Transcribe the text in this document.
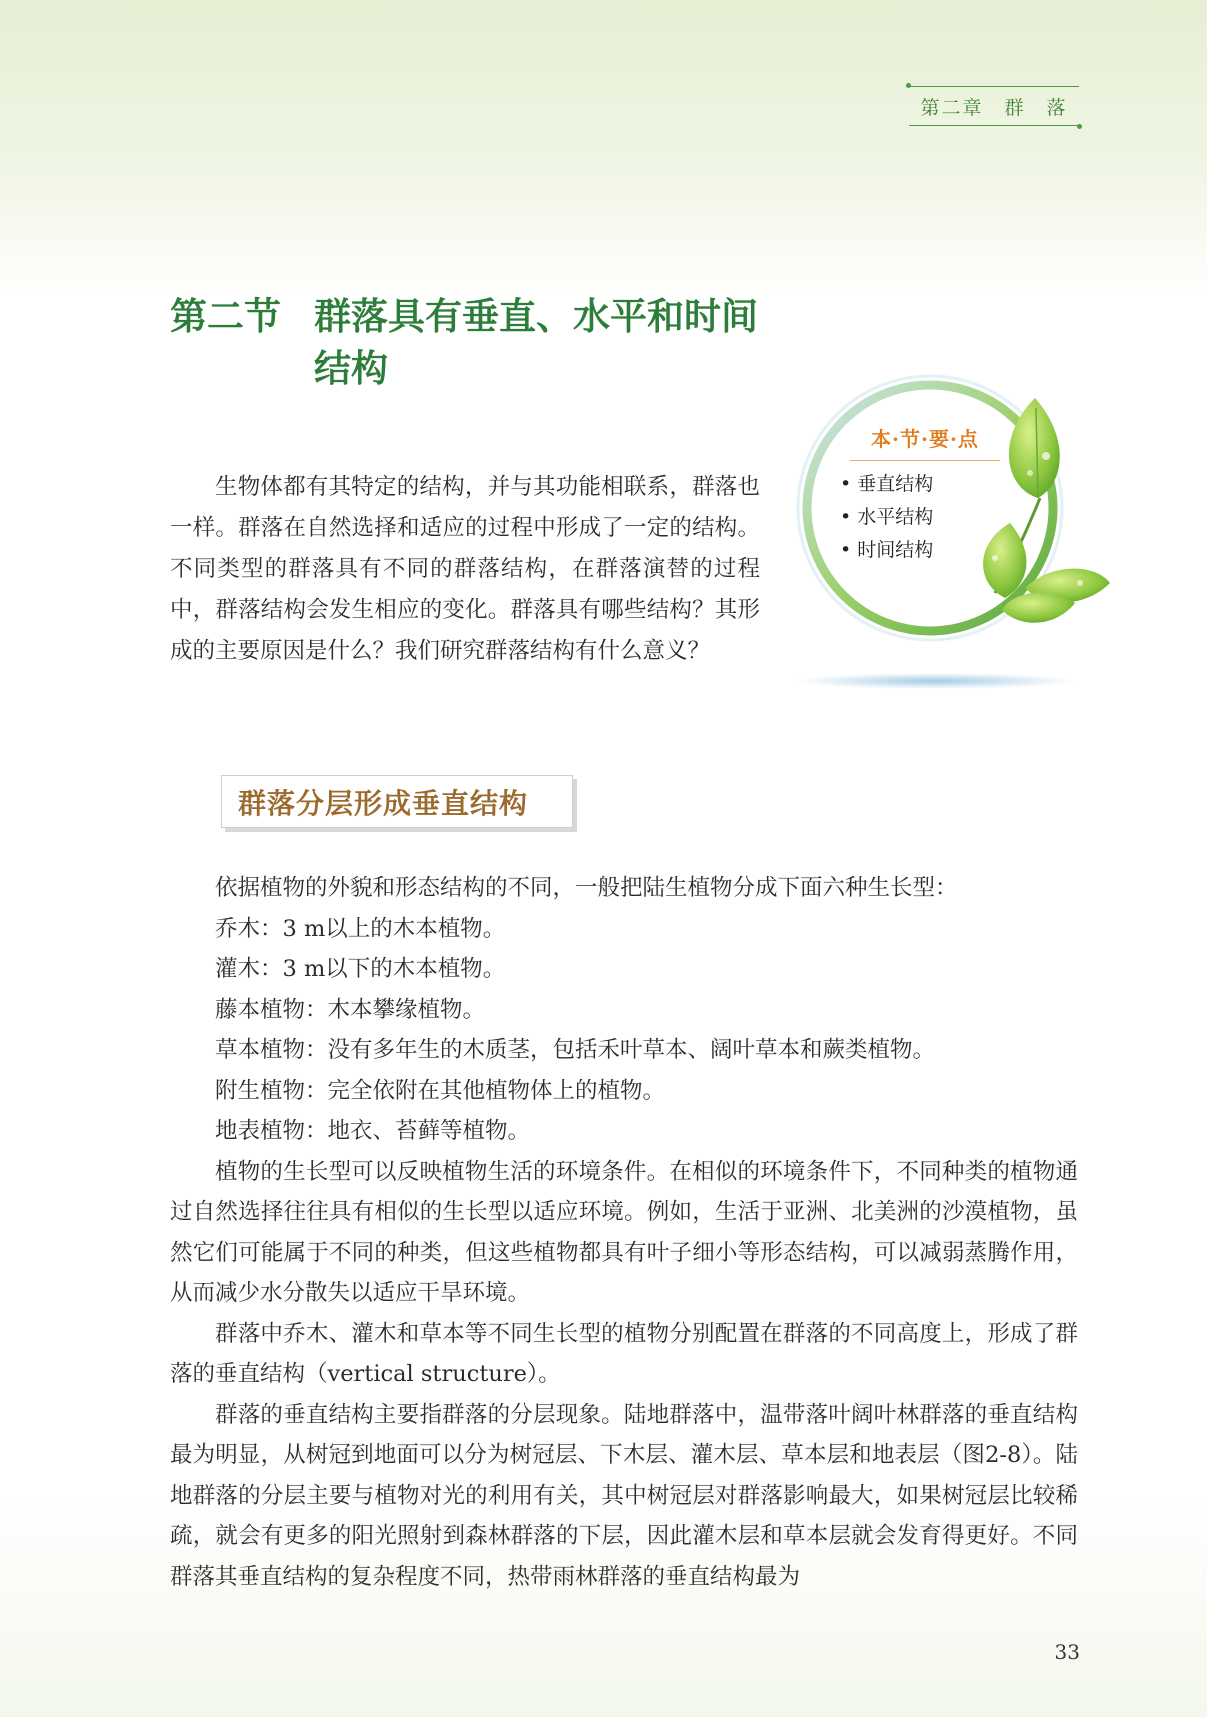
第二章　群　落
第二节 群落具有垂直、水平和时间
结构

生物体都有其特定的结构，并与其功能相联系，群落也一样。群落在自然选择和适应的过程中形成了一定的结构。不同类型的群落具有不同的群落结构，在群落演替的过程中，群落结构会发生相应的变化。群落具有哪些结构？其形成的主要原因是什么？我们研究群落结构有什么意义？

本·节·要·点
• 垂直结构
• 水平结构
• 时间结构
群落分层形成垂直结构

依据植物的外貌和形态结构的不同，一般把陆生植物分成下面六种生长型：

乔木：3 m以上的木本植物。

灌木：3 m以下的木本植物。

藤本植物：木本攀缘植物。

草本植物：没有多年生的木质茎，包括禾叶草本、阔叶草本和蕨类植物。

附生植物：完全依附在其他植物体上的植物。

地表植物：地衣、苔藓等植物。

植物的生长型可以反映植物生活的环境条件。在相似的环境条件下，不同种类的植物通过自然选择往往具有相似的生长型以适应环境。例如，生活于亚洲、北美洲的沙漠植物，虽然它们可能属于不同的种类，但这些植物都具有叶子细小等形态结构，可以减弱蒸腾作用，从而减少水分散失以适应干旱环境。

群落中乔木、灌木和草本等不同生长型的植物分别配置在群落的不同高度上，形成了群落的垂直结构（vertical structure）。

群落的垂直结构主要指群落的分层现象。陆地群落中，温带落叶阔叶林群落的垂直结构最为明显，从树冠到地面可以分为树冠层、下木层、灌木层、草本层和地表层（图2-8）。陆地群落的分层主要与植物对光的利用有关，其中树冠层对群落影响最大，如果树冠层比较稀疏，就会有更多的阳光照射到森林群落的下层，因此灌木层和草本层就会发育得更好。不同群落其垂直结构的复杂程度不同，热带雨林群落的垂直结构最为

33
